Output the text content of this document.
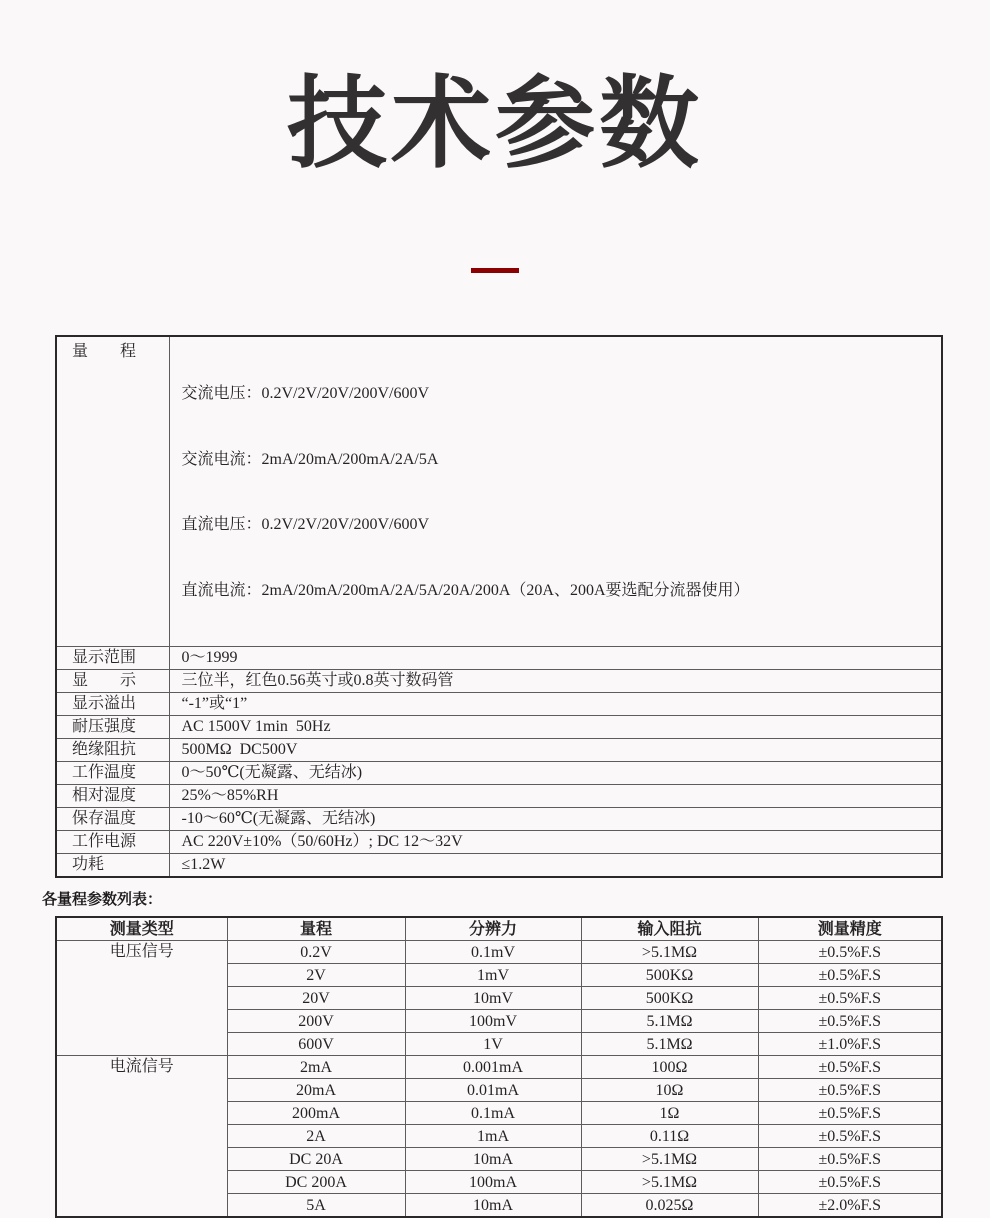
技术参数
量　　程	交流电压：0.2V/2V/20V/200V/600V

交流电流：2mA/20mA/200mA/2A/5A

直流电压：0.2V/2V/20V/200V/600V

直流电流：2mA/20mA/200mA/2A/5A/20A/200A（20A、200A要选配分流器使用）

显示范围	0～1999
显　　示	三位半，红色0.56英寸或0.8英寸数码管
显示溢出	“-1”或“1”
耐压强度	AC 1500V 1min  50Hz
绝缘阻抗	500MΩ  DC500V
工作温度	0～50℃(无凝露、无结冰)
相对湿度	25%～85%RH
保存温度	-10～60℃(无凝露、无结冰)
工作电源	AC 220V±10%（50/60Hz）; DC 12～32V
功耗	≤1.2W
各量程参数列表：
测量类型	量程	分辨力	输入阻抗	测量精度
电压信号	0.2V	0.1mV	>5.1MΩ	±0.5%F.S
	2V	1mV	500KΩ	±0.5%F.S
	20V	10mV	500KΩ	±0.5%F.S
	200V	100mV	5.1MΩ	±0.5%F.S
	600V	1V	5.1MΩ	±1.0%F.S
电流信号	2mA	0.001mA	100Ω	±0.5%F.S
	20mA	0.01mA	10Ω	±0.5%F.S
	200mA	0.1mA	1Ω	±0.5%F.S
	2A	1mA	0.11Ω	±0.5%F.S
	DC 20A	10mA	>5.1MΩ	±0.5%F.S
	DC 200A	100mA	>5.1MΩ	±0.5%F.S
	5A	10mA	0.025Ω	±2.0%F.S
